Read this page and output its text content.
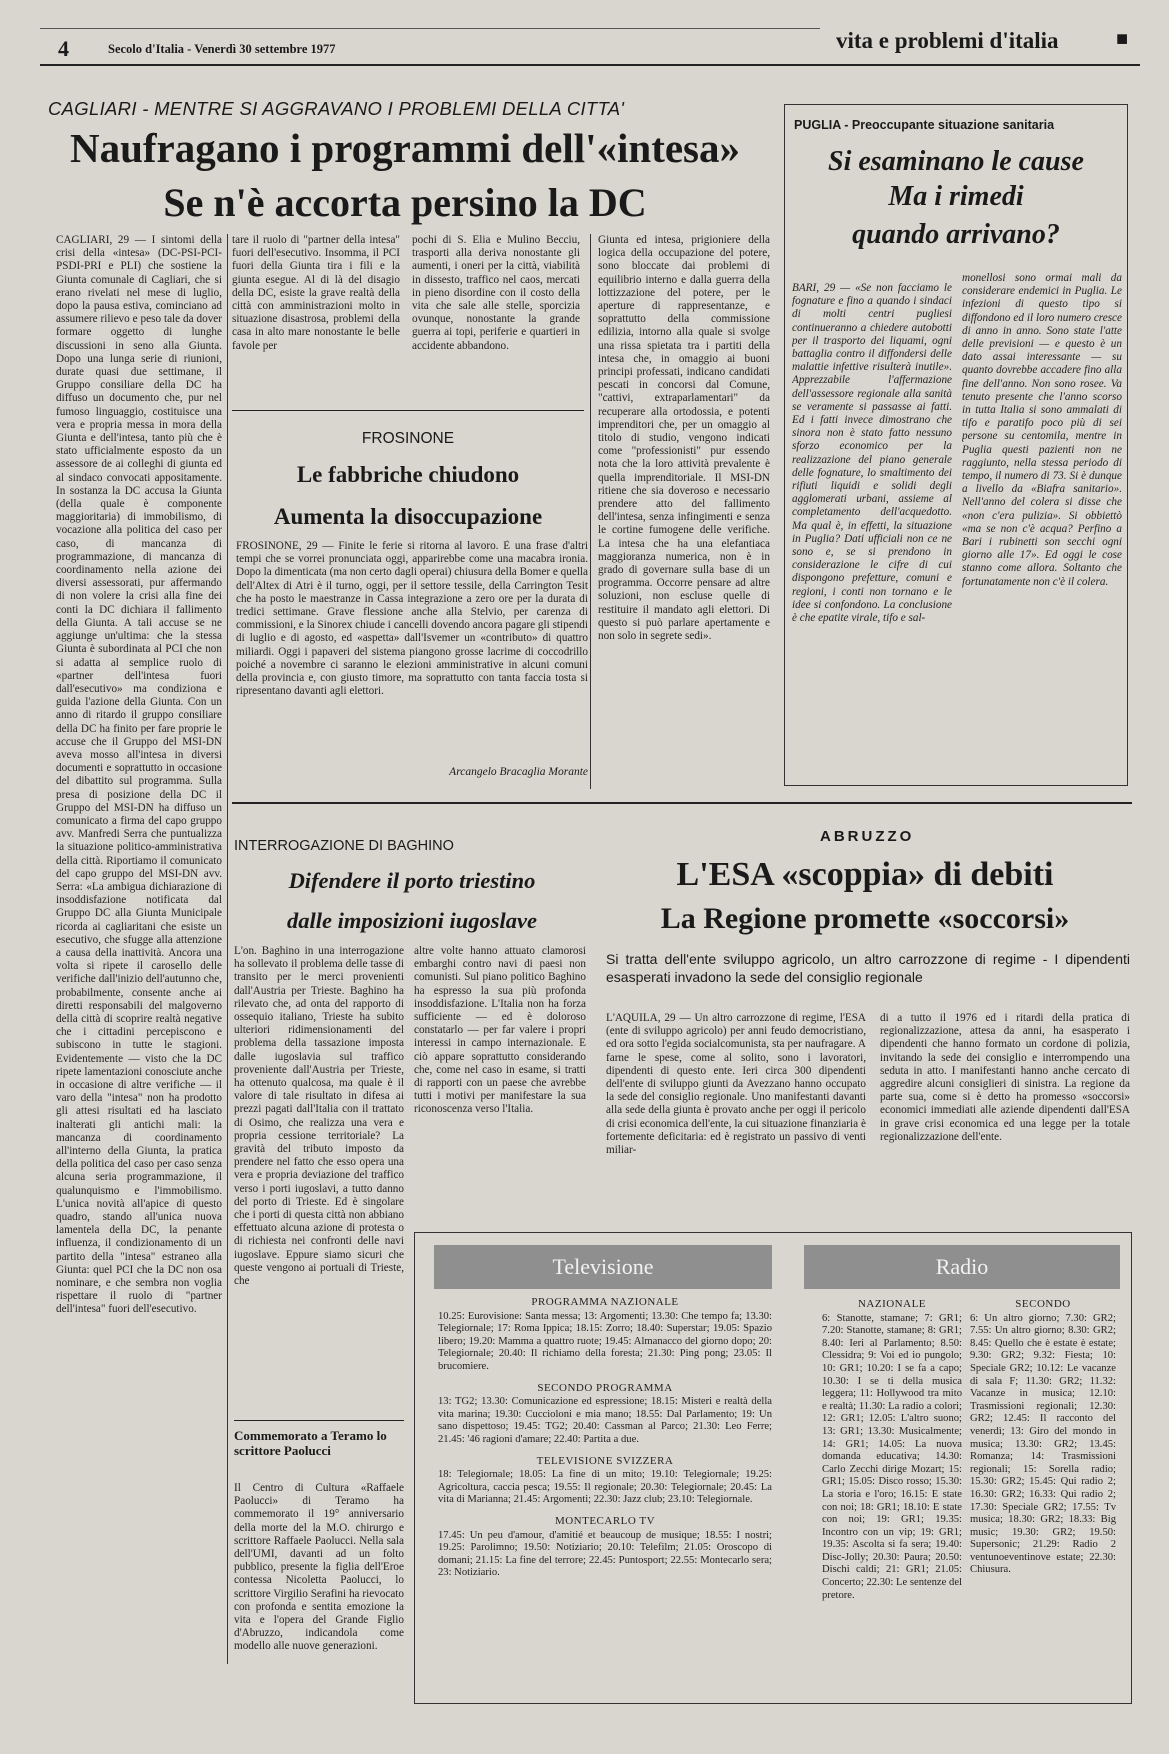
4	Secolo d'Italia - Venerdì 30 settembre 1977	vita e problemi d'italia	■
CAGLIARI - MENTRE SI AGGRAVANO I PROBLEMI DELLA CITTA'
Naufragano i programmi dell'«intesa»
Se n'è accorta persino la DC
CAGLIARI, 29 — I sintomi della crisi della «intesa» (DC-PSI-PCI-PSDI-PRI e PLI) che sostiene la Giunta comunale di Cagliari, che si erano rivelati nel mese di luglio, dopo la pausa estiva, cominciano ad assumere rilievo e peso tale da dover formare oggetto di lunghe discussioni in seno alla Giunta. Dopo una lunga serie di riunioni, durate quasi due settimane, il Gruppo consiliare della DC ha diffuso un documento che, pur nel fumoso linguaggio, costituisce una vera e propria messa in mora della Giunta e dell'intesa, tanto più che è stato ufficialmente esposto da un assessore de ai colleghi di giunta ed al sindaco convocati appositamente. In sostanza la DC accusa la Giunta (della quale è componente maggioritaria) di immobilismo, di vocazione alla politica del caso per caso, di mancanza di programmazione, di mancanza di coordinamento nella azione dei diversi assessorati, pur affermando di non volere la crisi alla fine dei conti la DC dichiara il fallimento della Giunta. A tali accuse se ne aggiunge un'ultima: che la stessa Giunta è subordinata al PCI che non si adatta al semplice ruolo di «partner dell'intesa fuori dall'esecutivo» ma condiziona e guida l'azione della Giunta. Con un anno di ritardo il gruppo consiliare della DC ha finito per fare proprie le accuse che il Gruppo del MSI-DN aveva mosso all'intesa in diversi documenti e soprattutto in occasione del dibattito sul programma. Sulla presa di posizione della DC il Gruppo del MSI-DN ha diffuso un comunicato a firma del capo gruppo avv. Manfredi Serra che puntualizza la situazione politico-amministrativa della città. Riportiamo il comunicato del capo gruppo del MSI-DN avv. Serra: «La ambigua dichiarazione di insoddisfazione notificata dal Gruppo DC alla Giunta Municipale ricorda ai cagliaritani che esiste un esecutivo, che sfugge alla attenzione a causa della inattività. Ancora una volta si ripete il carosello delle verifiche dall'inizio dell'autunno che, probabilmente, consente anche ai diretti responsabili del malgoverno della città di scoprire realtà negative che i cittadini percepiscono e subiscono in tutte le stagioni. Evidentemente — visto che la DC ripete lamentazioni conosciute anche in occasione di altre verifiche — il varo della "intesa" non ha prodotto gli attesi risultati ed ha lasciato inalterati gli antichi mali: la mancanza di coordinamento all'interno della Giunta, la pratica della politica del caso per caso senza alcuna seria programmazione, il qualunquismo e l'immobilismo. L'unica novità all'apice di questo quadro, stando all'unica nuova lamentela della DC, la penante influenza, il condizionamento di un partito della "intesa" estraneo alla Giunta: quel PCI che la DC non osa nominare, e che sembra non voglia rispettare il ruolo di "partner dell'intesa" fuori dell'esecutivo.
tare il ruolo di "partner della intesa" fuori dell'esecutivo. Insomma, il PCI fuori della Giunta tira i fili e la giunta esegue. Al di là del disagio della DC, esiste la grave realtà della città con amministrazioni molto in situazione disastrosa, problemi della casa in alto mare nonostante le belle favole per
pochi di S. Elia e Mulino Becciu, trasporti alla deriva nonostante gli aumenti, i oneri per la città, viabilità in dissesto, traffico nel caos, mercati in pieno disordine con il costo della vita che sale alle stelle, sporcizia ovunque, nonostante la grande guerra ai topi, periferie e quartieri in accidente abbandono.
Giunta ed intesa, prigioniere della logica della occupazione del potere, sono bloccate dai problemi di equilibrio interno e dalla guerra della lottizzazione del potere, per le aperture di rappresentanze, e soprattutto della commissione edilizia, intorno alla quale si svolge una rissa spietata tra i partiti della intesa che, in omaggio ai buoni principi professati, indicano candidati pescati in concorsi dal Comune, "cattivi, extraparlamentari" da recuperare alla ortodossia, e potenti imprenditori che, per un omaggio al titolo di studio, vengono indicati come "professionisti" pur essendo nota che la loro attività prevalente è quella imprenditoriale. Il MSI-DN ritiene che sia doveroso e necessario prendere atto del fallimento dell'intesa, senza infingimenti e senza le cortine fumogene delle verifiche. La intesa che ha una elefantiaca maggioranza numerica, non è in grado di governare sulla base di un programma. Occorre pensare ad altre soluzioni, non escluse quelle di restituire il mandato agli elettori. Di questo si può parlare apertamente e non solo in segrete sedi».
FROSINONE
Le fabbriche chiudono
Aumenta la disoccupazione
FROSINONE, 29 — Finite le ferie si ritorna al lavoro. È una frase d'altri tempi che se vorrei pronunciata oggi, apparirebbe come una macabra ironia. Dopo la dimenticata (ma non certo dagli operai) chiusura della Bomer e quella dell'Altex di Atri è il turno, oggi, per il settore tessile, della Carrington Tesit che ha posto le maestranze in Cassa integrazione a zero ore per la durata di tredici settimane. Grave flessione anche alla Stelvio, per carenza di commissioni, e la Sinorex chiude i cancelli dovendo ancora pagare gli stipendi di luglio e di agosto, ed «aspetta» dall'Isvemer un «contributo» di quattro miliardi. Oggi i papaveri del sistema piangono grosse lacrime di coccodrillo poiché a novembre ci saranno le elezioni amministrative in alcuni comuni della provincia e, con giusto timore, ma soprattutto con tanta faccia tosta si ripresentano davanti agli elettori.
Arcangelo Bracaglia Morante
PUGLIA - Preoccupante situazione sanitaria
Si esaminano le cause
Ma i rimedi
quando arrivano?
BARI, 29 — «Se non facciamo le fognature e fino a quando i sindaci di molti centri pugliesi continueranno a chiedere autobotti per il trasporto dei liquami, ogni battaglia contro il diffondersi delle malattie infettive risulterà inutile». Apprezzabile l'affermazione dell'assessore regionale alla sanità se veramente si passasse ai fatti. Ed i fatti invece dimostrano che sinora non è stato fatto nessuno sforzo economico per la realizzazione del piano generale delle fognature, lo smaltimento dei rifiuti liquidi e solidi degli agglomerati urbani, assieme al completamento dell'acquedotto. Ma qual è, in effetti, la situazione in Puglia? Dati ufficiali non ce ne sono e, se si prendono in considerazione le cifre di cui dispongono prefetture, comuni e regioni, i conti non tornano e le idee si confondono. La conclusione è che epatite virale, tifo e sal-
monellosi sono ormai mali da considerare endemici in Puglia. Le infezioni di questo tipo si diffondono ed il loro numero cresce di anno in anno. Sono state l'atte delle previsioni — e questo è un dato assai interessante — su quanto dovrebbe accadere fino alla fine dell'anno. Non sono rosee. Va tenuto presente che l'anno scorso in tutta Italia si sono ammalati di tifo e paratifo poco più di sei persone su centomila, mentre in Puglia questi pazienti non ne raggiunto, nella stessa periodo di tempo, il numero di 73. Si è dunque a livello da «Biafra sanitario». Nell'anno del colera si disse che «non c'era pulizia». Si obbiettò «ma se non c'è acqua? Perfino a Bari i rubinetti son secchi ogni giorno alle 17». Ed oggi le cose stanno come allora. Soltanto che fortunatamente non c'è il colera.
INTERROGAZIONE DI BAGHINO
Difendere il porto triestino
dalle imposizioni iugoslave
L'on. Baghino in una interrogazione ha sollevato il problema delle tasse di transito per le merci provenienti dall'Austria per Trieste. Baghino ha rilevato che, ad onta del rapporto di ossequio italiano, Trieste ha subito ulteriori ridimensionamenti del problema della tassazione imposta dalle iugoslavia sul traffico proveniente dall'Austria per Trieste, ha ottenuto qualcosa, ma quale è il valore di tale risultato in difesa ai prezzi pagati dall'Italia con il trattato di Osimo, che realizza una vera e propria cessione territoriale? La gravità del tributo imposto da prendere nel fatto che esso opera una vera e propria deviazione del traffico verso i porti iugoslavi, a tutto danno del porto di Trieste. Ed è singolare che i porti di questa città non abbiano effettuato alcuna azione di protesta o di richiesta nei confronti delle navi iugoslave. Eppure siamo sicuri che queste vengono ai portuali di Trieste, che
altre volte hanno attuato clamorosi embarghi contro navi di paesi non comunisti. Sul piano politico Baghino ha espresso la sua più profonda insoddisfazione. L'Italia non ha forza sufficiente — ed è doloroso constatarlo — per far valere i propri interessi in campo internazionale. E ciò appare soprattutto considerando che, come nel caso in esame, si tratti di rapporti con un paese che avrebbe tutti i motivi per manifestare la sua riconoscenza verso l'Italia.
Commemorato a Teramo lo scrittore Paolucci
Il Centro di Cultura «Raffaele Paolucci» di Teramo ha commemorato il 19° anniversario della morte del la M.O. chirurgo e scrittore Raffaele Paolucci. Nella sala dell'UMI, davanti ad un folto pubblico, presente la figlia dell'Eroe contessa Nicoletta Paolucci, lo scrittore Virgilio Serafini ha rievocato con profonda e sentita emozione la vita e l'opera del Grande Figlio d'Abruzzo, indicandola come modello alle nuove generazioni.
ABRUZZO
L'ESA «scoppia» di debiti
La Regione promette «soccorsi»
Si tratta dell'ente sviluppo agricolo, un altro carrozzone di regime - I dipendenti esasperati invadono la sede del consiglio regionale
L'AQUILA, 29 — Un altro carrozzone di regime, l'ESA (ente di sviluppo agricolo) per anni feudo democristiano, ed ora sotto l'egida socialcomunista, sta per naufragare. A farne le spese, come al solito, sono i lavoratori, dipendenti di questo ente. Ieri circa 300 dipendenti dell'ente di sviluppo giunti da Avezzano hanno occupato la sede del consiglio regionale. Uno manifestanti davanti alla sede della giunta è provato anche per oggi il pericolo di crisi economica dell'ente, la cui situazione finanziaria è fortemente deficitaria: ed è registrato un passivo di venti miliar-
di a tutto il 1976 ed i ritardi della pratica di regionalizzazione, attesa da anni, ha esasperato i dipendenti che hanno formato un cordone di polizia, invitando la sede dei consiglio e interrompendo una seduta in atto. I manifestanti hanno anche cercato di aggredire alcuni consiglieri di sinistra. La regione da parte sua, come si è detto ha promesso «soccorsi» economici immediati alle aziende dipendenti dall'ESA in grave crisi economica ed una legge per la totale regionalizzazione dell'ente.
Televisione	Radio
PROGRAMMA NAZIONALE

10.25: Eurovisione: Santa messa; 13: Argomenti; 13.30: Che tempo fa; 13.30: Telegiornale; 17: Roma Ippica; 18.15: Zorro; 18.40: Superstar; 19.05: Spazio libero; 19.20: Mamma a quattro ruote; 19.45: Almanacco del giorno dopo; 20: Telegiornale; 20.40: Il richiamo della foresta; 21.30: Ping pong; 23.05: Il brucomiere.

SECONDO PROGRAMMA

13: TG2; 13.30: Comunicazione ed espressione; 18.15: Misteri e realtà della vita marina; 19.30: Cuccioloni e mia mano; 18.55: Dal Parlamento; 19: Un sano dispettoso; 19.45: TG2; 20.40: Cassman al Parco; 21.30: Leo Ferre; 21.45: '46 ragioni d'amare; 22.40: Partita a due.

TELEVISIONE SVIZZERA

18: Telegiornale; 18.05: La fine di un mito; 19.10: Telegiornale; 19.25: Agricoltura, caccia pesca; 19.55: Il regionale; 20.30: Telegiornale; 20.45: La vita di Marianna; 21.45: Argomenti; 22.30: Jazz club; 23.10: Telegiornale.

MONTECARLO TV

17.45: Un peu d'amour, d'amitié et beaucoup de musique; 18.55: I nostri; 19.25: Parolimno; 19.50: Notiziario; 20.10: Telefilm; 21.05: Oroscopo di domani; 21.15: La fine del terrore; 22.45: Puntosport; 22.55: Montecarlo sera; 23: Notiziario.

NAZIONALE

6: Stanotte, stamane; 7: GR1; 7.20: Stanotte, stamane; 8: GR1; 8.40: Ieri al Parlamento; 8.50: Clessidra; 9: Voi ed io pungolo; 10: GR1; 10.20: I se fa a capo; 10.30: I se ti della musica leggera; 11: Hollywood tra mito e realtà; 11.30: La radio a colori; 12: GR1; 12.05: L'altro suono; 13: GR1; 13.30: Musicalmente; 14: GR1; 14.05: La nuova domanda educativa; 14.30: Carlo Zecchi dirige Mozart; 15: GR1; 15.05: Disco rosso; 15.30: La storia e l'oro; 16.15: E state con noi; 18: GR1; 18.10: E state con noi; 19: GR1; 19.35: Incontro con un vip; 19: GR1; 19.35: Ascolta si fa sera; 19.40: Disc-Jolly; 20.30: Paura; 20.50: Dischi caldi; 21: GR1; 21.05: Concerto; 22.30: Le sentenze del pretore.

SECONDO

6: Un altro giorno; 7.30: GR2; 7.55: Un altro giorno; 8.30: GR2; 8.45: Quello che è estate è estate; 9.30: GR2; 9.32: Fiesta; 10: Speciale GR2; 10.12: Le vacanze di sala F; 11.30: GR2; 11.32: Vacanze in musica; 12.10: Trasmissioni regionali; 12.30: GR2; 12.45: Il racconto del venerdì; 13: Giro del mondo in musica; 13.30: GR2; 13.45: Romanza; 14: Trasmissioni regionali; 15: Sorella radio; 15.30: GR2; 15.45: Qui radio 2; 16.30: GR2; 16.33: Qui radio 2; 17.30: Speciale GR2; 17.55: Tv musica; 18.30: GR2; 18.33: Big music; 19.30: GR2; 19.50: Supersonic; 21.29: Radio 2 ventunoeventinove estate; 22.30: Chiusura.
